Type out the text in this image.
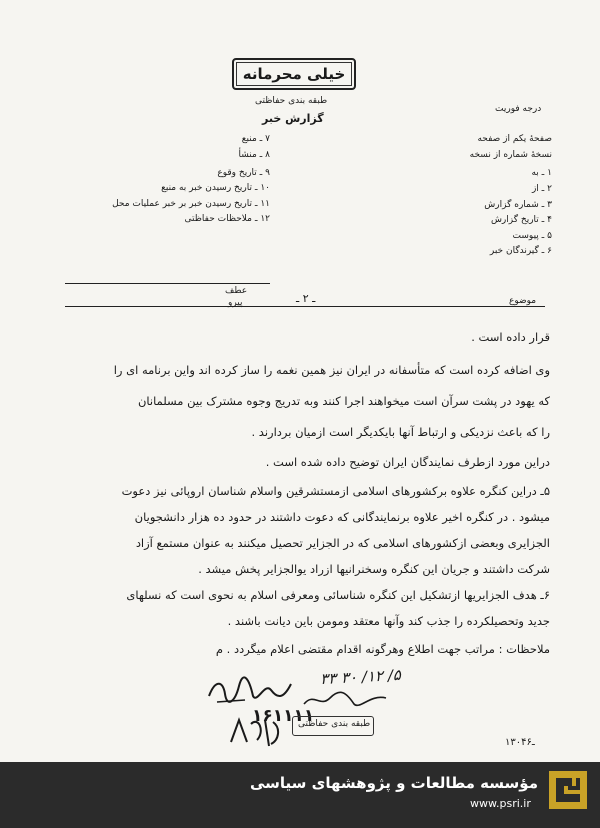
خیلی محرمانه
طبقه بندی حفاظتی
گزارش خبر
درجه فوریت
صفحهٔ یکم از صفحه
نسخهٔ شماره از نسخه
۱ ـ به
۲ ـ از
۳ ـ شماره گزارش
۴ ـ تاریخ گزارش
۵ ـ پیوست
۶ ـ گیرندگان خبر
۷ ـ منبع
۸ ـ منشأ
۹ ـ تاریخ وقوع
۱۰ ـ تاریخ رسیدن خبر به منبع
۱۱ ـ تاریخ رسیدن خبر بر خبر عملیات محل
۱۲ ـ ملاحظات حفاظتی
عطف
پیرو	ـ ۲ ـ	موضوع
قرار داده است .
وی اضافه کرده است که متأسفانه در ایران نیز همین نغمه را ساز کرده اند واین برنامه ای را
که یهود در پشت سرآن است میخواهند اجرا کنند وبه تدریج وجوه مشترک بین مسلمانان
را که باعث نزدیکی و ارتباط آنها بایکدیگر است ازمیان بردارند .
دراین مورد ازطرف نمایندگان ایران توضیح داده شده است .
۵ـ دراین کنگره علاوه برکشورهای اسلامی ازمستشرقین واسلام شناسان اروپائی نیز دعوت
میشود . در کنگره اخیر علاوه برنمایندگانی که دعوت داشتند در حدود ده هزار دانشجویان
الجزایری وبعضی ازکشورهای اسلامی که در الجزایر تحصیل میکنند به عنوان مستمع آزاد
شرکت داشتند و جریان این کنگره وسخنرانیها ازراد یوالجزایر پخش میشد .
۶ـ هدف الجزایریها ازتشکیل این کنگره شناسائی ومعرفی اسلام به نحوی است که نسلهای
جدید وتحصیلکرده را جذب کند وآنها معتقد ومومن باین دیانت باشند .
ملاحظات : مراتب جهت اطلاع وهرگونه اقدام مقتضی اعلام میگردد . م
۵/ ۱۲/ ۳۰ ۳۳
۱۶۱۱۱۱
طبقه بندی حفاظتی
۱۳۰ـ۴۶
مؤسسه مطالعات و پژوهشهای سیاسی
www.psri.ir
